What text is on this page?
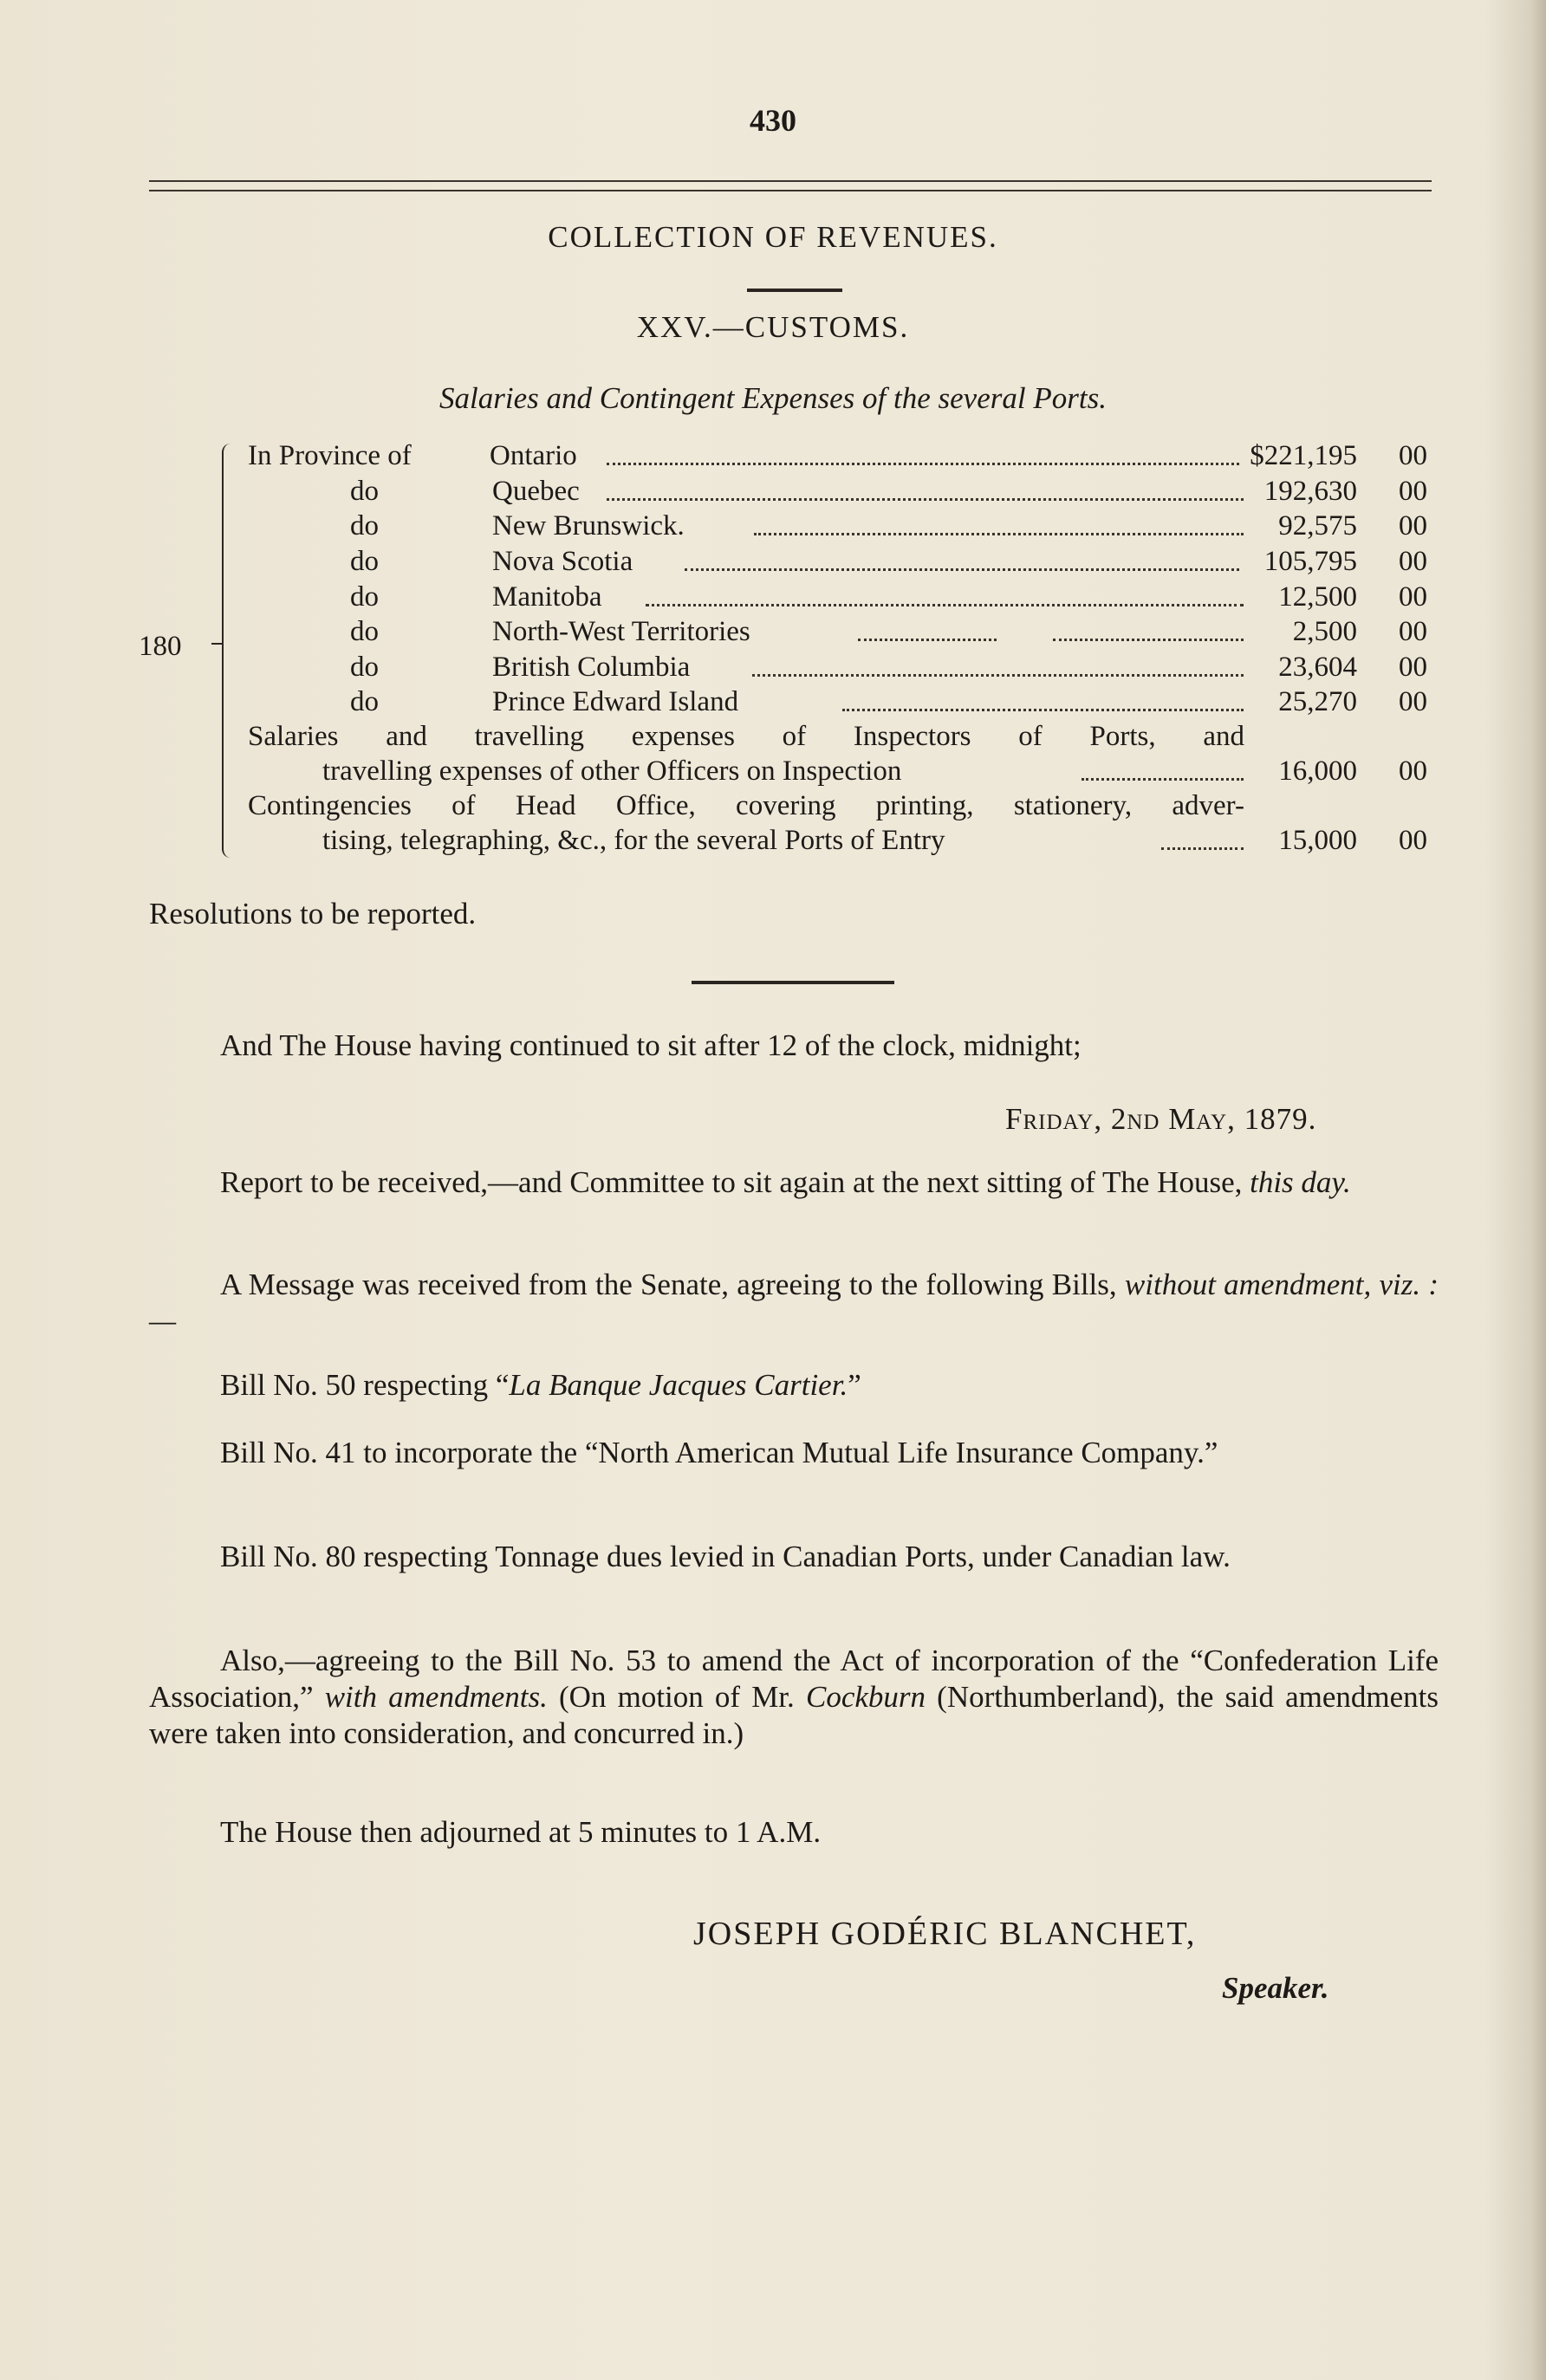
430
COLLECTION OF REVENUES.
XXV.—CUSTOMS.
Salaries and Contingent Expenses of the several Ports.
180
In Province of	Ontario	$221,195 00
do	Quebec	192,630 00
do	New Brunswick.	92,575 00
do	Nova Scotia	105,795 00
do	Manitoba	12,500 00
do	North-West Territories	2,500 00
do	British Columbia	23,604 00
do	Prince Edward Island	25,270 00
Salaries and travelling expenses of Inspectors of Ports, and
travelling expenses of other Officers on Inspection	16,000 00
Contingencies of Head Office, covering printing, stationery, adver-
tising, telegraphing, &c., for the several Ports of Entry	15,000 00
Resolutions to be reported.
And The House having continued to sit after 12 of the clock, midnight;
Friday, 2nd May, 1879.
Report to be received,—and Committee to sit again at the next sitting of The House, this day.
A Message was received from the Senate, agreeing to the following Bills, without amendment, viz. :—
Bill No. 50 respecting “La Banque Jacques Cartier.”
Bill No. 41 to incorporate the “North American Mutual Life Insurance Company.”
Bill No. 80 respecting Tonnage dues levied in Canadian Ports, under Canadian law.
Also,—agreeing to the Bill No. 53 to amend the Act of incorporation of the “Confederation Life Association,” with amendments. (On motion of Mr. Cockburn (Northumberland), the said amendments were taken into consideration, and concurred in.)
The House then adjourned at 5 minutes to 1 A.M.
JOSEPH GODÉRIC BLANCHET,
Speaker.
